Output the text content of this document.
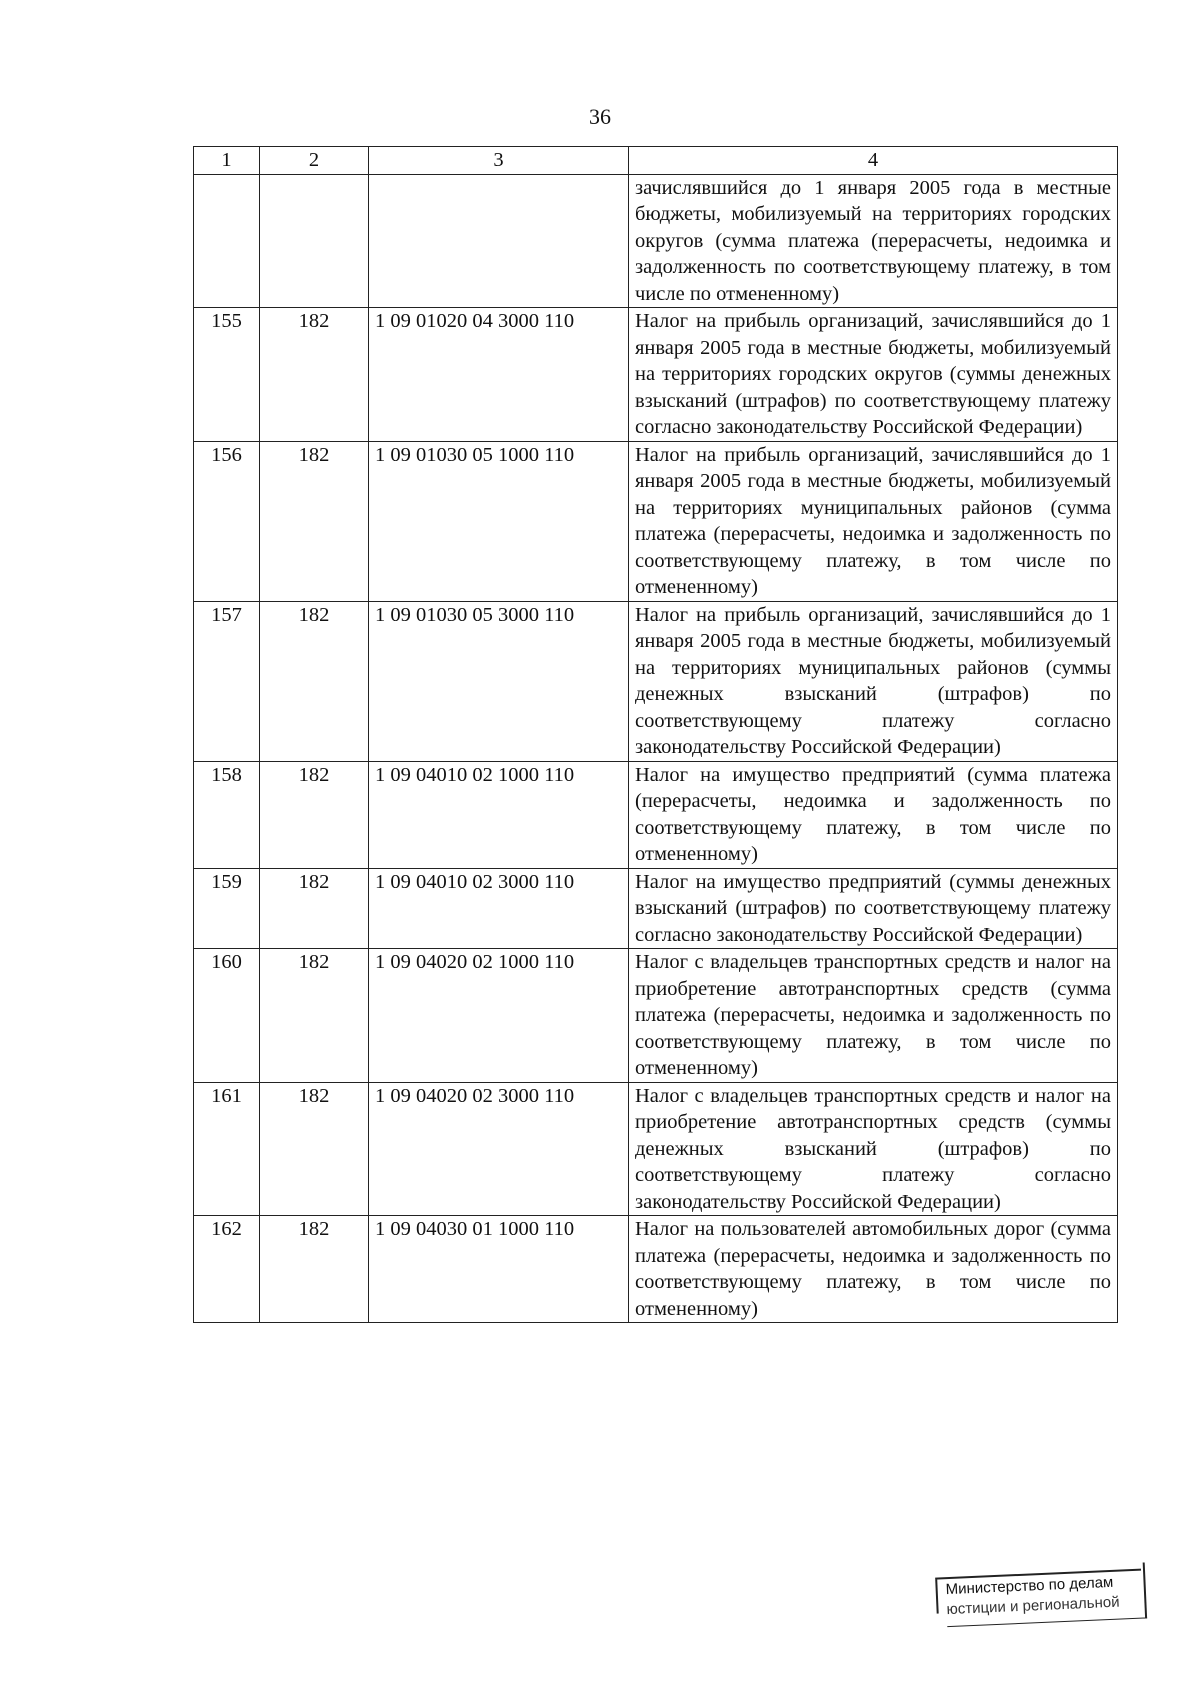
36
1	2	3	4
			зачислявшийся до 1 января 2005 года в местные бюджеты, мобилизуемый на территориях городских округов (сумма платежа (перерасчеты, недоимка и задолженность по соответствующему платежу, в том числе по отмененному)
155	182	1 09 01020 04 3000 110	Налог на прибыль организаций, зачислявшийся до 1 января 2005 года в местные бюджеты, мобилизуемый на территориях городских округов (суммы денежных взысканий (штрафов) по соответствующему платежу согласно законодательству Российской Федерации)
156	182	1 09 01030 05 1000 110	Налог на прибыль организаций, зачислявшийся до 1 января 2005 года в местные бюджеты, мобилизуемый на территориях муниципальных районов (сумма платежа (перерасчеты, недоимка и задолженность по соответствующему платежу, в том числе по отмененному)
157	182	1 09 01030 05 3000 110	Налог на прибыль организаций, зачислявшийся до 1 января 2005 года в местные бюджеты, мобилизуемый на территориях муниципальных районов (суммы денежных взысканий (штрафов) по соответствующему платежу согласно законодательству Российской Федерации)
158	182	1 09 04010 02 1000 110	Налог на имущество предприятий (сумма платежа (перерасчеты, недоимка и задолженность по соответствующему платежу, в том числе по отмененному)
159	182	1 09 04010 02 3000 110	Налог на имущество предприятий (суммы денежных взысканий (штрафов) по соответствующему платежу согласно законодательству Российской Федерации)
160	182	1 09 04020 02 1000 110	Налог с владельцев транспортных средств и налог на приобретение автотранспортных средств (сумма платежа (перерасчеты, недоимка и задолженность по соответствующему платежу, в том числе по отмененному)
161	182	1 09 04020 02 3000 110	Налог с владельцев транспортных средств и налог на приобретение автотранспортных средств (суммы денежных взысканий (штрафов) по соответствующему платежу согласно законодательству Российской Федерации)
162	182	1 09 04030 01 1000 110	Налог на пользователей автомобильных дорог (сумма платежа (перерасчеты, недоимка и задолженность по соответствующему платежу, в том числе по отмененному)
Министерство по делам
юстиции и региональной
